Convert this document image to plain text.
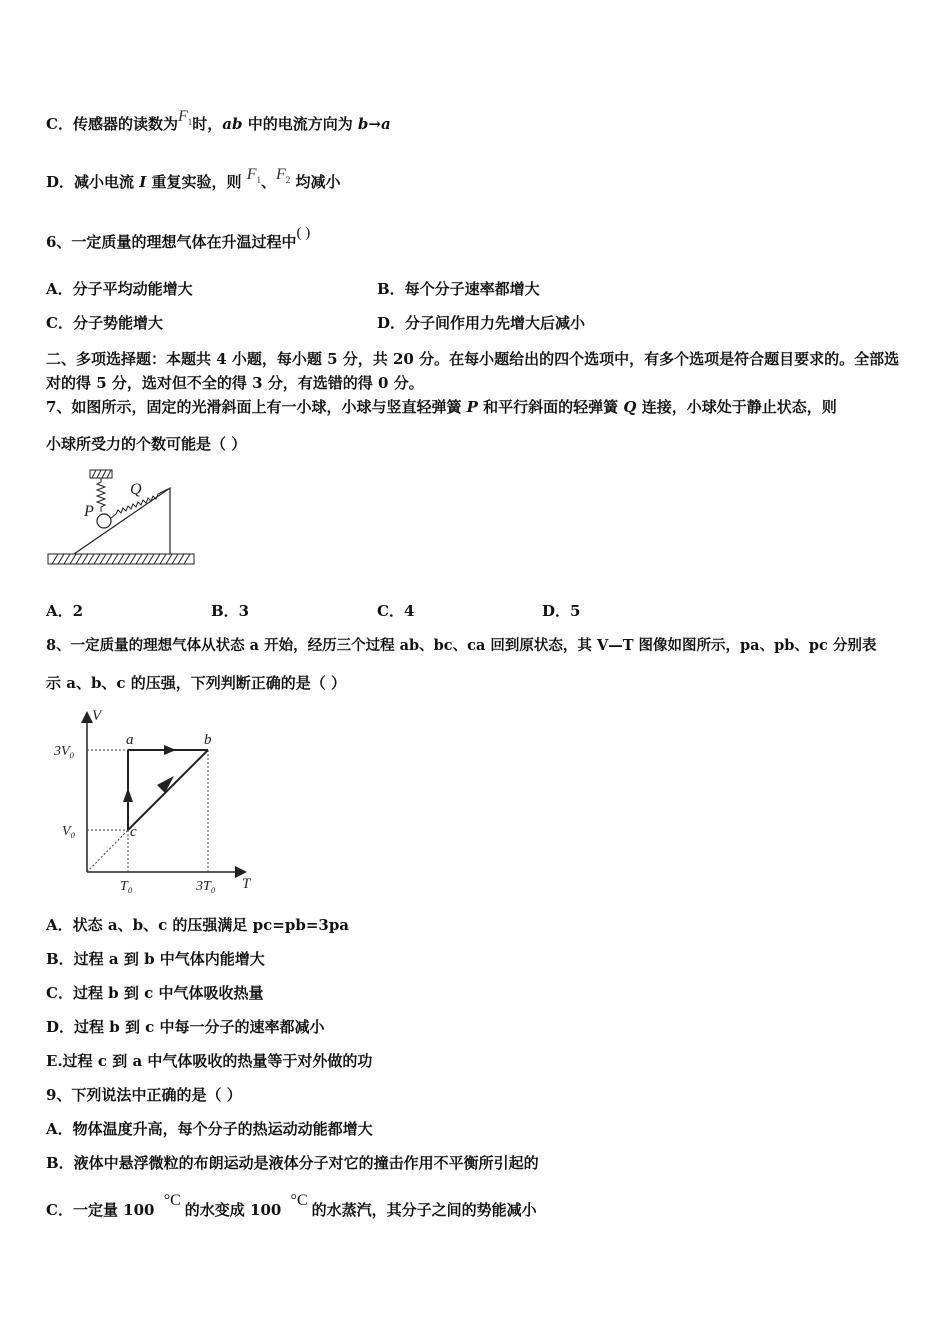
C．传感器的读数为$F_1$时，ab 中的电流方向为 b→a
D．减小电流 I 重复实验，则 $F_1$、$F_2$ 均减小
6、一定质量的理想气体在升温过程中( )
A．分子平均动能增大	B．每个分子速率都增大
C．分子势能增大	D．分子间作用力先增大后减小
二、多项选择题：本题共 4 小题，每小题 5 分，共 20 分。在每小题给出的四个选项中，有多个选项是符合题目要求的。全部选对的得 5 分，选对但不全的得 3 分，有选错的得 0 分。
7、如图所示，固定的光滑斜面上有一小球，小球与竖直轻弹簧 P 和平行斜面的轻弹簧 Q 连接，小球处于静止状态，则
小球所受力的个数可能是（ ）
P
Q
A．2	B．3	C．4	D．5
8、一定质量的理想气体从状态 a 开始，经历三个过程 ab、bc、ca 回到原状态，其 V—T 图像如图所示，pa、pb、pc 分别表
示 a、b、c 的压强，下列判断正确的是（ ）
V
T
3V₀
V₀
T₀	3T₀
a	b
c
A．状态 a、b、c 的压强满足 pc=pb=3pa
B．过程 a 到 b 中气体内能增大
C．过程 b 到 c 中气体吸收热量
D．过程 b 到 c 中每一分子的速率都减小
E.过程 c 到 a 中气体吸收的热量等于对外做的功
9、下列说法中正确的是（ ）
A．物体温度升高，每个分子的热运动动能都增大
B．液体中悬浮微粒的布朗运动是液体分子对它的撞击作用不平衡所引起的
C．一定量 100 °C的水变成 100 °C的水蒸汽，其分子之间的势能减小
